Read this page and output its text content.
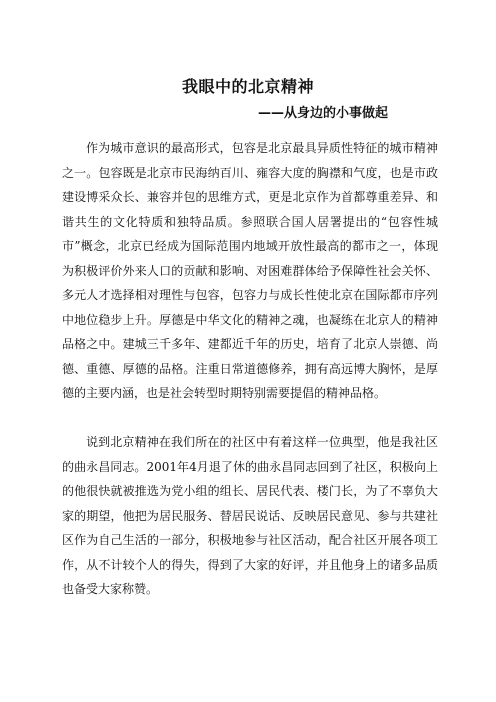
我眼中的北京精神
——从身边的小事做起

作为城市意识的最高形式，包容是北京最具异质性特征的城市精神之一。包容既是北京市民海纳百川、雍容大度的胸襟和气度，也是市政建设博采众长、兼容并包的思维方式，更是北京作为首都尊重差异、和谐共生的文化特质和独特品质。参照联合国人居署提出的“包容性城市”概念，北京已经成为国际范围内地域开放性最高的都市之一，体现为积极评价外来人口的贡献和影响、对困难群体给予保障性社会关怀、多元人才选择相对理性与包容，包容力与成长性使北京在国际都市序列中地位稳步上升。厚德是中华文化的精神之魂，也凝练在北京人的精神品格之中。建城三千多年、建都近千年的历史，培育了北京人崇德、尚德、重德、厚德的品格。注重日常道德修养，拥有高远博大胸怀，是厚德的主要内涵，也是社会转型时期特别需要提倡的精神品格。

说到北京精神在我们所在的社区中有着这样一位典型，他是我社区的曲永昌同志。2001年4月退了休的曲永昌同志回到了社区，积极向上的他很快就被推选为党小组的组长、居民代表、楼门长，为了不辜负大家的期望，他把为居民服务、替居民说话、反映居民意见、参与共建社区作为自己生活的一部分，积极地参与社区活动，配合社区开展各项工作，从不计较个人的得失，得到了大家的好评，并且他身上的诸多品质也备受大家称赞。
